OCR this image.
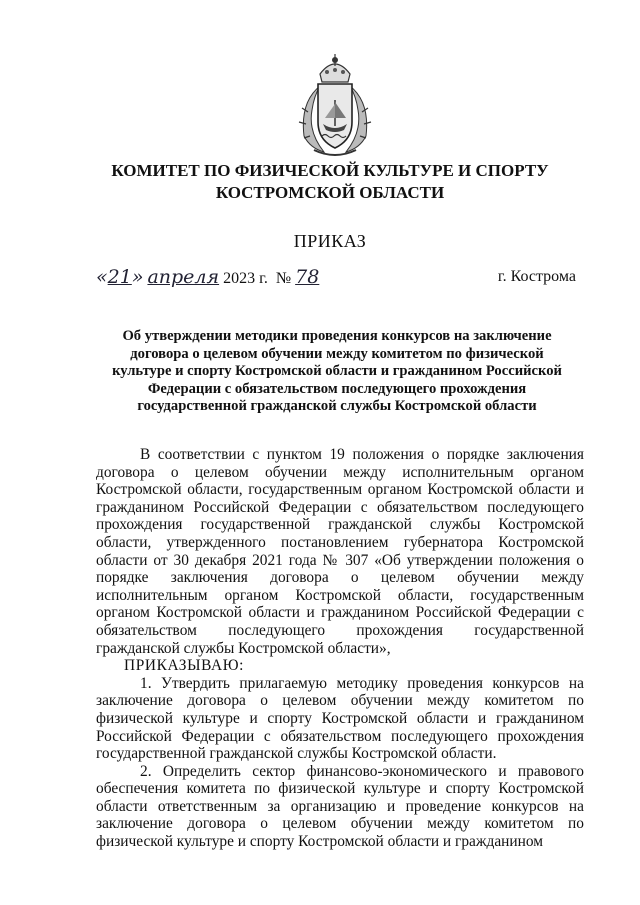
КОМИТЕТ ПО ФИЗИЧЕСКОЙ КУЛЬТУРЕ И СПОРТУ КОСТРОМСКОЙ ОБЛАСТИ
ПРИКАЗ
«21» апреля 2023 г. № 78	г. Кострома
Об утверждении методики проведения конкурсов на заключение договора о целевом обучении между комитетом по физической культуре и спорту Костромской области и гражданином Российской Федерации с обязательством последующего прохождения государственной гражданской службы Костромской области

В соответствии с пунктом 19 положения о порядке заключения договора о целевом обучении между исполнительным органом Костромской области, государственным органом Костромской области и гражданином Российской Федерации с обязательством последующего прохождения государственной гражданской службы Костромской области, утвержденного постановлением губернатора Костромской области от 30 декабря 2021 года № 307 «Об утверждении положения о порядке заключения договора о целевом обучении между исполнительным органом Костромской области, государственным органом Костромской области и гражданином Российской Федерации с обязательством последующего прохождения государственной гражданской службы Костромской области»,

ПРИКАЗЫВАЮ:

1. Утвердить прилагаемую методику проведения конкурсов на заключение договора о целевом обучении между комитетом по физической культуре и спорту Костромской области и гражданином Российской Федерации с обязательством последующего прохождения государственной гражданской службы Костромской области.

2. Определить сектор финансово-экономического и правового обеспечения комитета по физической культуре и спорту Костромской области ответственным за организацию и проведение конкурсов на заключение договора о целевом обучении между комитетом по физической культуре и спорту Костромской области и гражданином
